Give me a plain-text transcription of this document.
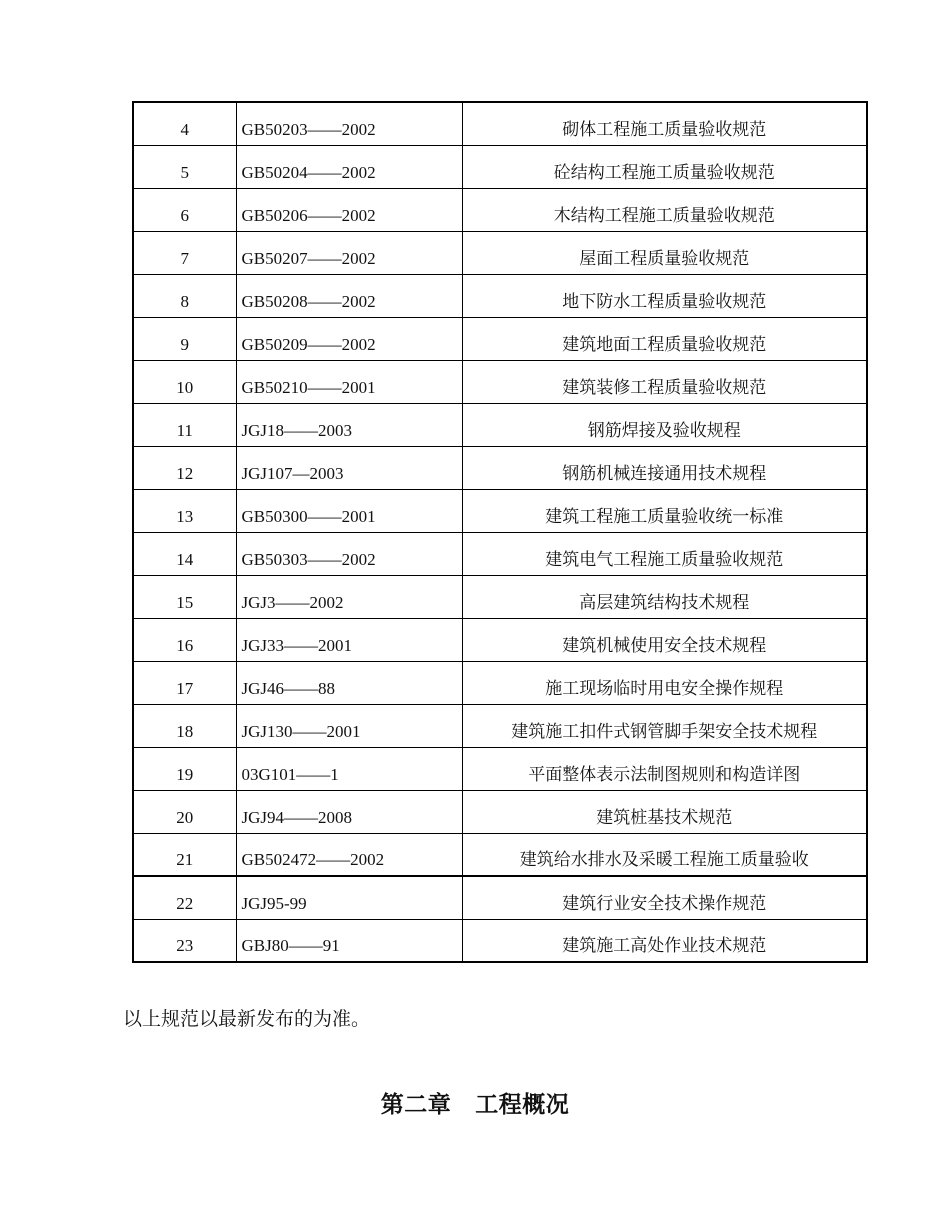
4	GB50203——2002	砌体工程施工质量验收规范
5	GB50204——2002	砼结构工程施工质量验收规范
6	GB50206——2002	木结构工程施工质量验收规范
7	GB50207——2002	屋面工程质量验收规范
8	GB50208——2002	地下防水工程质量验收规范
9	GB50209——2002	建筑地面工程质量验收规范
10	GB50210——2001	建筑装修工程质量验收规范
11	JGJ18——2003	钢筋焊接及验收规程
12	JGJ107—2003	钢筋机械连接通用技术规程
13	GB50300——2001	建筑工程施工质量验收统一标准
14	GB50303——2002	建筑电气工程施工质量验收规范
15	JGJ3——2002	高层建筑结构技术规程
16	JGJ33——2001	建筑机械使用安全技术规程
17	JGJ46——88	施工现场临时用电安全操作规程
18	JGJ130——2001	建筑施工扣件式钢管脚手架安全技术规程
19	03G101——1	平面整体表示法制图规则和构造详图
20	JGJ94——2008	建筑桩基技术规范
21	GB502472——2002	建筑给水排水及采暖工程施工质量验收
22	JGJ95-99	建筑行业安全技术操作规范
23	GBJ80——91	建筑施工高处作业技术规范

以上规范以最新发布的为准。

第二章 工程概况
